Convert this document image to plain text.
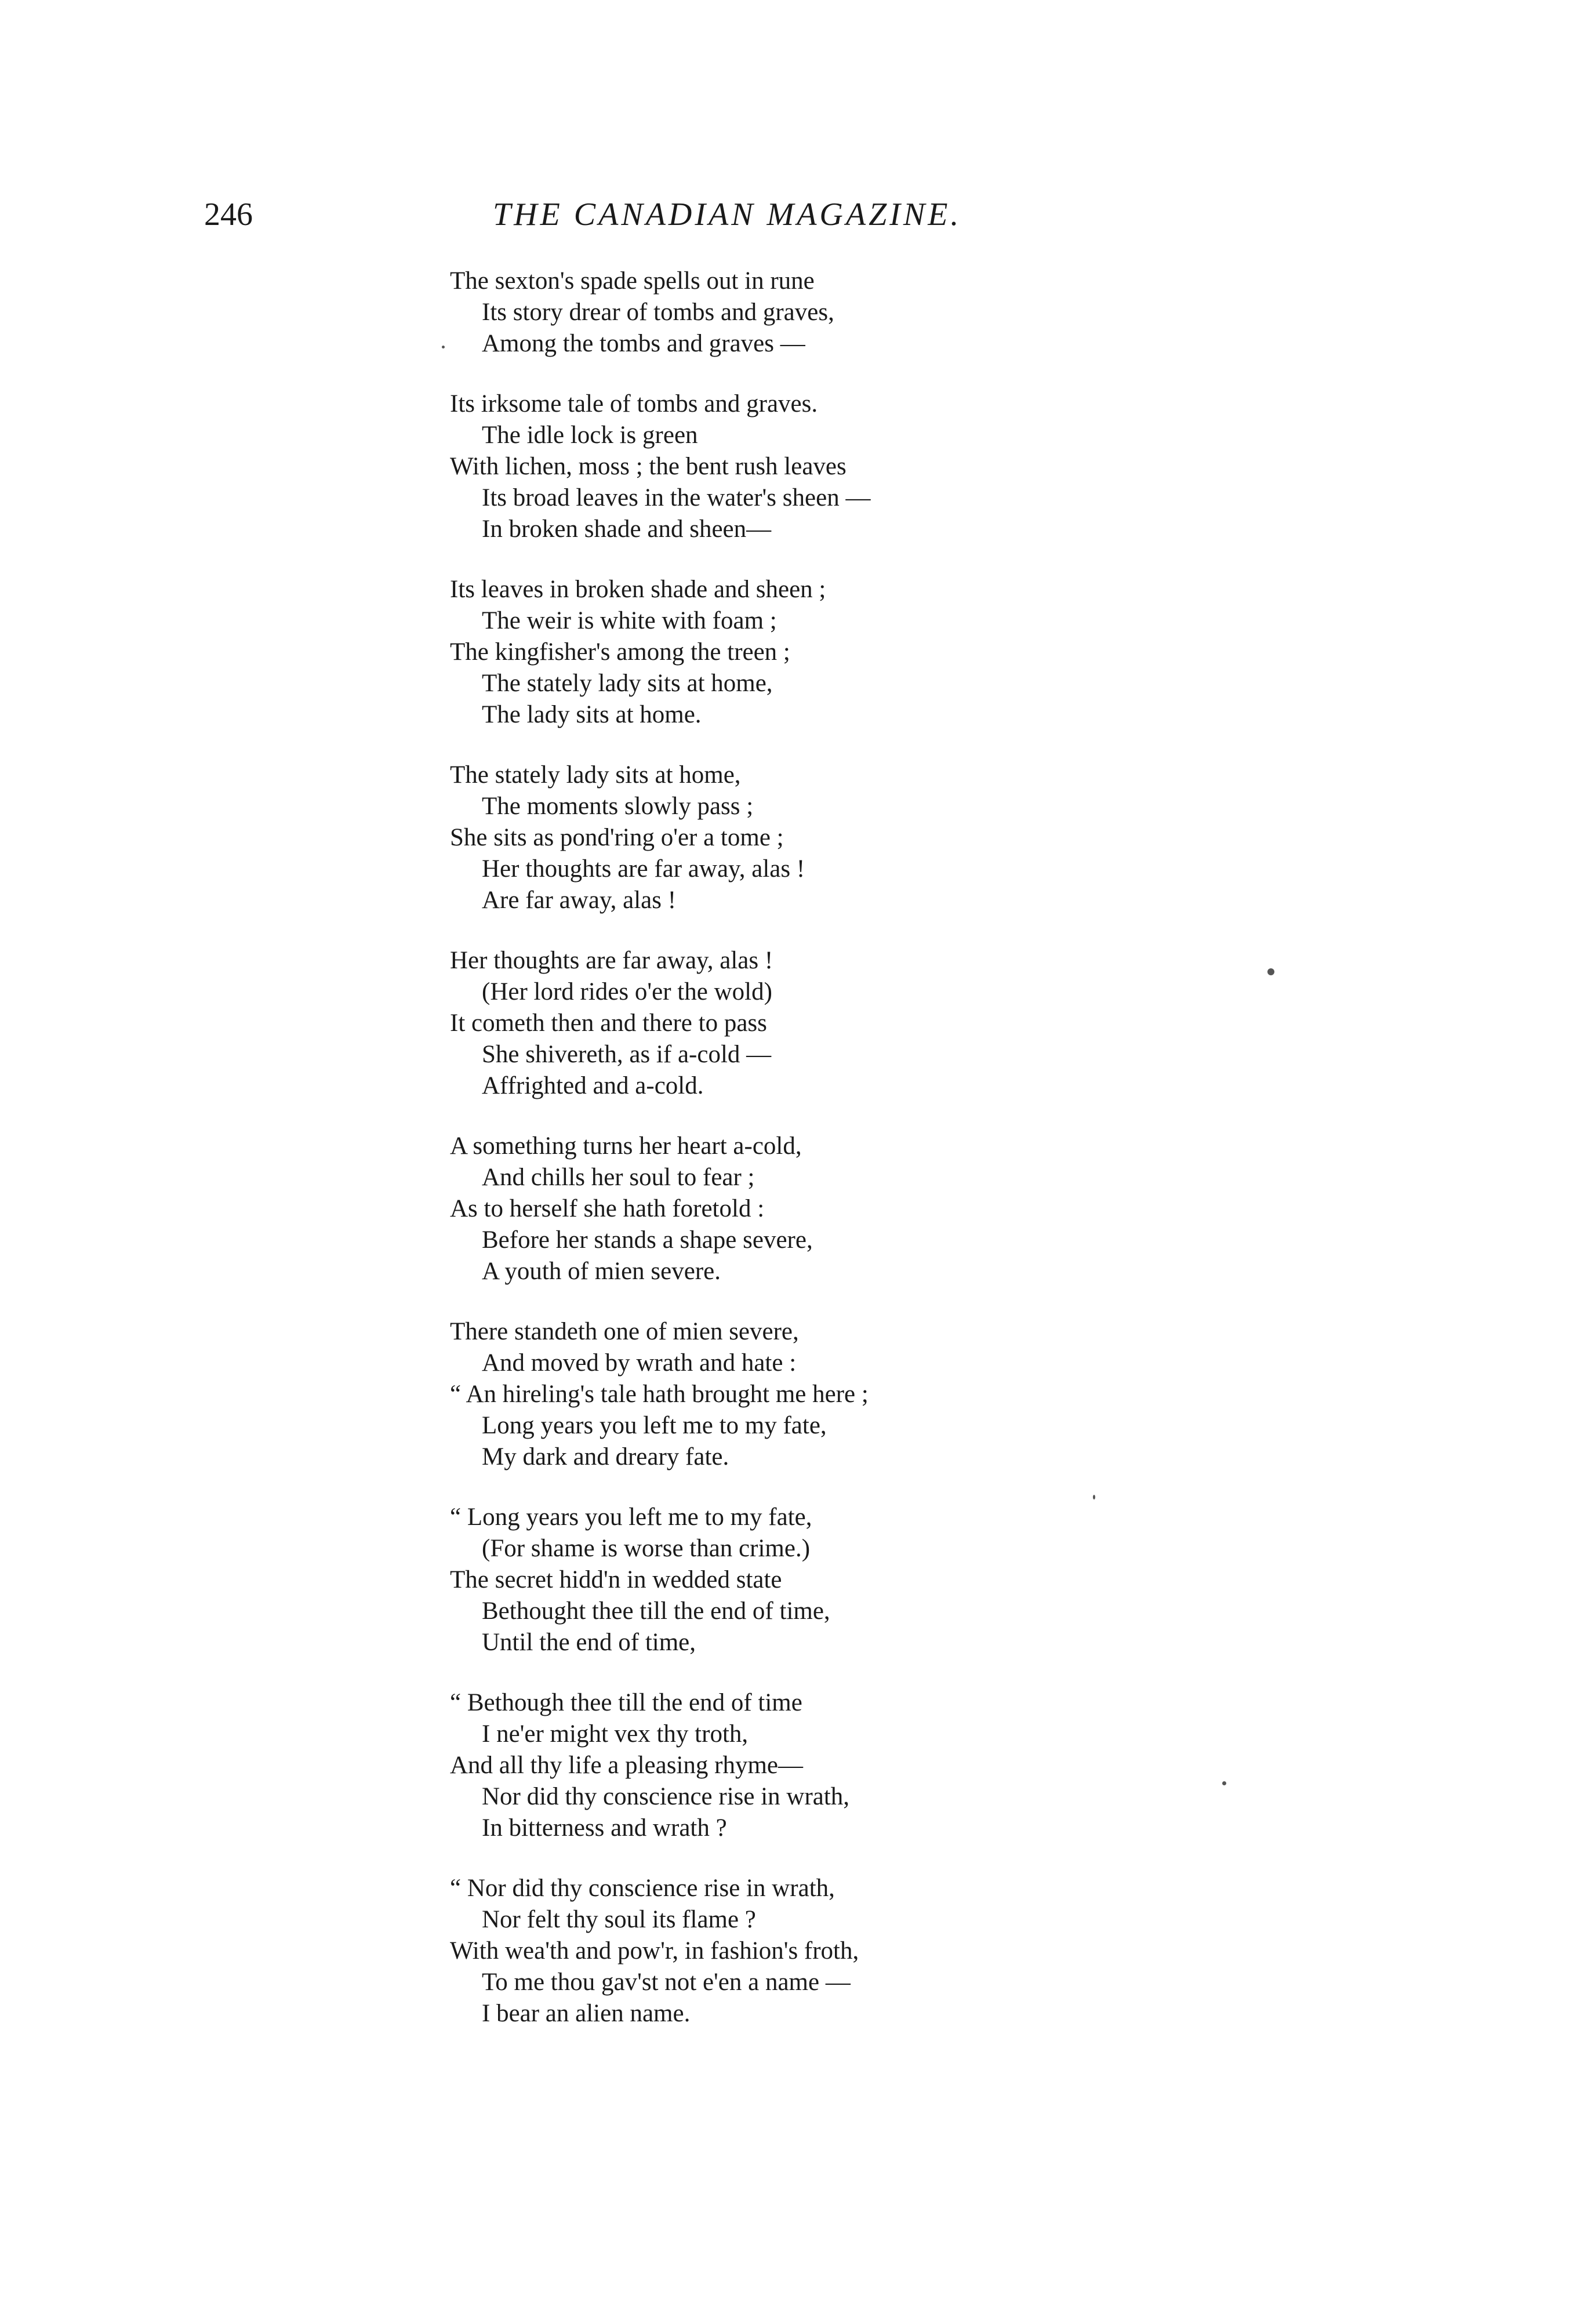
246	THE CANADIAN MAGAZINE.
The sexton's spade spells out in rune
Its story drear of tombs and graves,
Among the tombs and graves —
Its irksome tale of tombs and graves.
The idle lock is green
With lichen, moss ; the bent rush leaves
Its broad leaves in the water's sheen —
In broken shade and sheen—
Its leaves in broken shade and sheen ;
The weir is white with foam ;
The kingfisher's among the treen ;
The stately lady sits at home,
The lady sits at home.
The stately lady sits at home,
The moments slowly pass ;
She sits as pond'ring o'er a tome ;
Her thoughts are far away, alas !
Are far away, alas !
Her thoughts are far away, alas !
(Her lord rides o'er the wold)
It cometh then and there to pass
She shivereth, as if a-cold —
Affrighted and a-cold.
A something turns her heart a-cold,
And chills her soul to fear ;
As to herself she hath foretold :
Before her stands a shape severe,
A youth of mien severe.
There standeth one of mien severe,
And moved by wrath and hate :
“ An hireling's tale hath brought me here ;
Long years you left me to my fate,
My dark and dreary fate.
“ Long years you left me to my fate,
(For shame is worse than crime.)
The secret hidd'n in wedded state
Bethought thee till the end of time,
Until the end of time,
“ Bethough thee till the end of time
I ne'er might vex thy troth,
And all thy life a pleasing rhyme—
Nor did thy conscience rise in wrath,
In bitterness and wrath ?
“ Nor did thy conscience rise in wrath,
Nor felt thy soul its flame ?
With wea'th and pow'r, in fashion's froth,
To me thou gav'st not e'en a name —
I bear an alien name.
